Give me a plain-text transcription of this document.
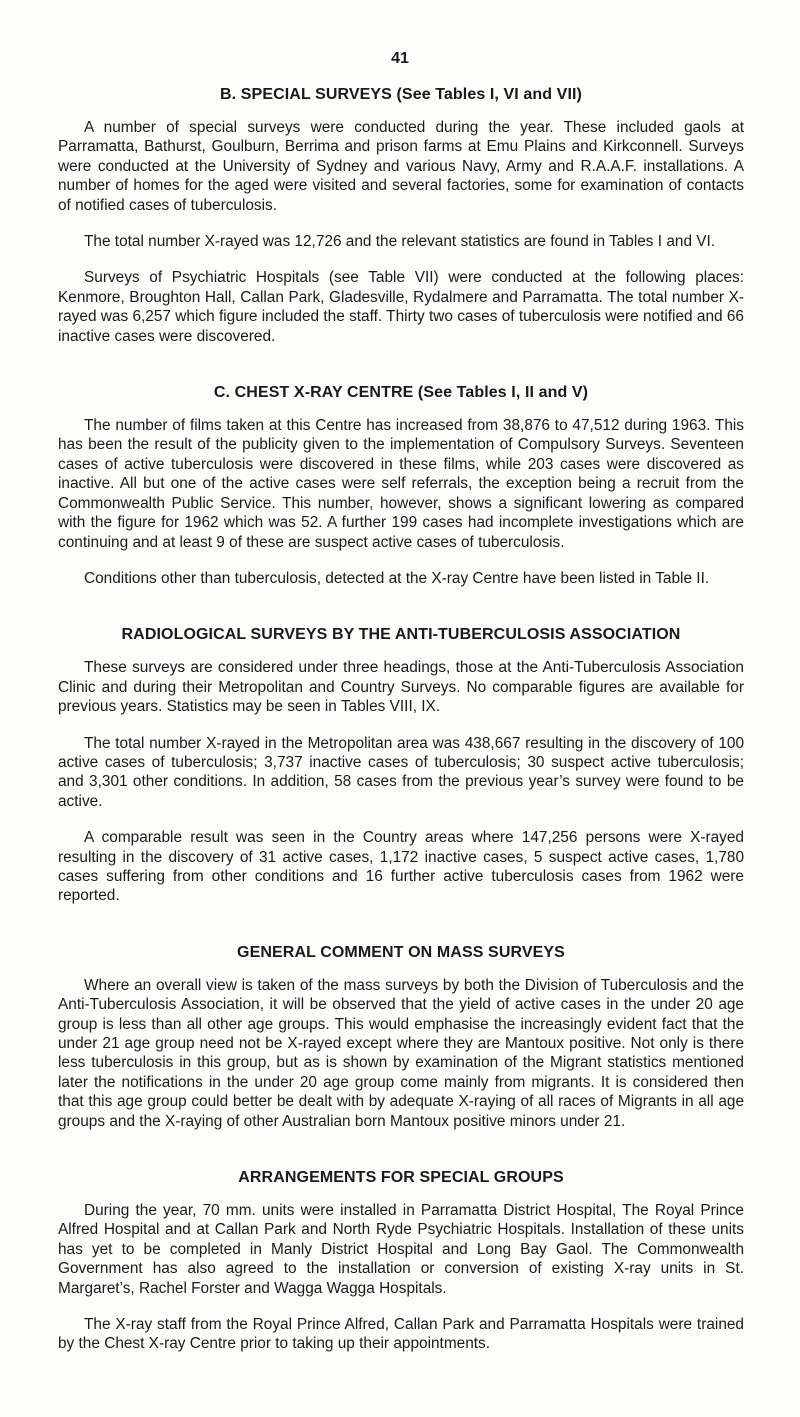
41
B. SPECIAL SURVEYS (See Tables I, VI and VII)

A number of special surveys were conducted during the year. These included gaols at Parramatta, Bathurst, Goulburn, Berrima and prison farms at Emu Plains and Kirkconnell. Surveys were conducted at the University of Sydney and various Navy, Army and R.A.A.F. installations. A number of homes for the aged were visited and several factories, some for examination of contacts of notified cases of tuberculosis.

The total number X-rayed was 12,726 and the relevant statistics are found in Tables I and VI.

Surveys of Psychiatric Hospitals (see Table VII) were conducted at the following places: Kenmore, Broughton Hall, Callan Park, Gladesville, Rydalmere and Parramatta. The total number X-rayed was 6,257 which figure included the staff. Thirty two cases of tuberculosis were notified and 66 inactive cases were discovered.

C. CHEST X-RAY CENTRE (See Tables I, II and V)

The number of films taken at this Centre has increased from 38,876 to 47,512 during 1963. This has been the result of the publicity given to the implementation of Compulsory Surveys. Seventeen cases of active tuberculosis were discovered in these films, while 203 cases were discovered as inactive. All but one of the active cases were self referrals, the exception being a recruit from the Commonwealth Public Service. This number, however, shows a significant lowering as compared with the figure for 1962 which was 52. A further 199 cases had incomplete investigations which are continuing and at least 9 of these are suspect active cases of tuberculosis.

Conditions other than tuberculosis, detected at the X-ray Centre have been listed in Table II.

RADIOLOGICAL SURVEYS BY THE ANTI-TUBERCULOSIS ASSOCIATION

These surveys are considered under three headings, those at the Anti-Tuberculosis Association Clinic and during their Metropolitan and Country Surveys. No comparable figures are available for previous years. Statistics may be seen in Tables VIII, IX.

The total number X-rayed in the Metropolitan area was 438,667 resulting in the discovery of 100 active cases of tuberculosis; 3,737 inactive cases of tuberculosis; 30 suspect active tuberculosis; and 3,301 other conditions. In addition, 58 cases from the previous year’s survey were found to be active.

A comparable result was seen in the Country areas where 147,256 persons were X-rayed resulting in the discovery of 31 active cases, 1,172 inactive cases, 5 suspect active cases, 1,780 cases suffering from other conditions and 16 further active tuberculosis cases from 1962 were reported.

GENERAL COMMENT ON MASS SURVEYS

Where an overall view is taken of the mass surveys by both the Division of Tuberculosis and the Anti-Tuberculosis Association, it will be observed that the yield of active cases in the under 20 age group is less than all other age groups. This would emphasise the increasingly evident fact that the under 21 age group need not be X-rayed except where they are Mantoux positive. Not only is there less tuberculosis in this group, but as is shown by examination of the Migrant statistics mentioned later the notifications in the under 20 age group come mainly from migrants. It is considered then that this age group could better be dealt with by adequate X-raying of all races of Migrants in all age groups and the X-raying of other Australian born Mantoux positive minors under 21.

ARRANGEMENTS FOR SPECIAL GROUPS

During the year, 70 mm. units were installed in Parramatta District Hospital, The Royal Prince Alfred Hospital and at Callan Park and North Ryde Psychiatric Hospitals. Installation of these units has yet to be completed in Manly District Hospital and Long Bay Gaol. The Commonwealth Government has also agreed to the installation or conversion of existing X-ray units in St. Margaret’s, Rachel Forster and Wagga Wagga Hospitals.

The X-ray staff from the Royal Prince Alfred, Callan Park and Parramatta Hospitals were trained by the Chest X-ray Centre prior to taking up their appointments.
